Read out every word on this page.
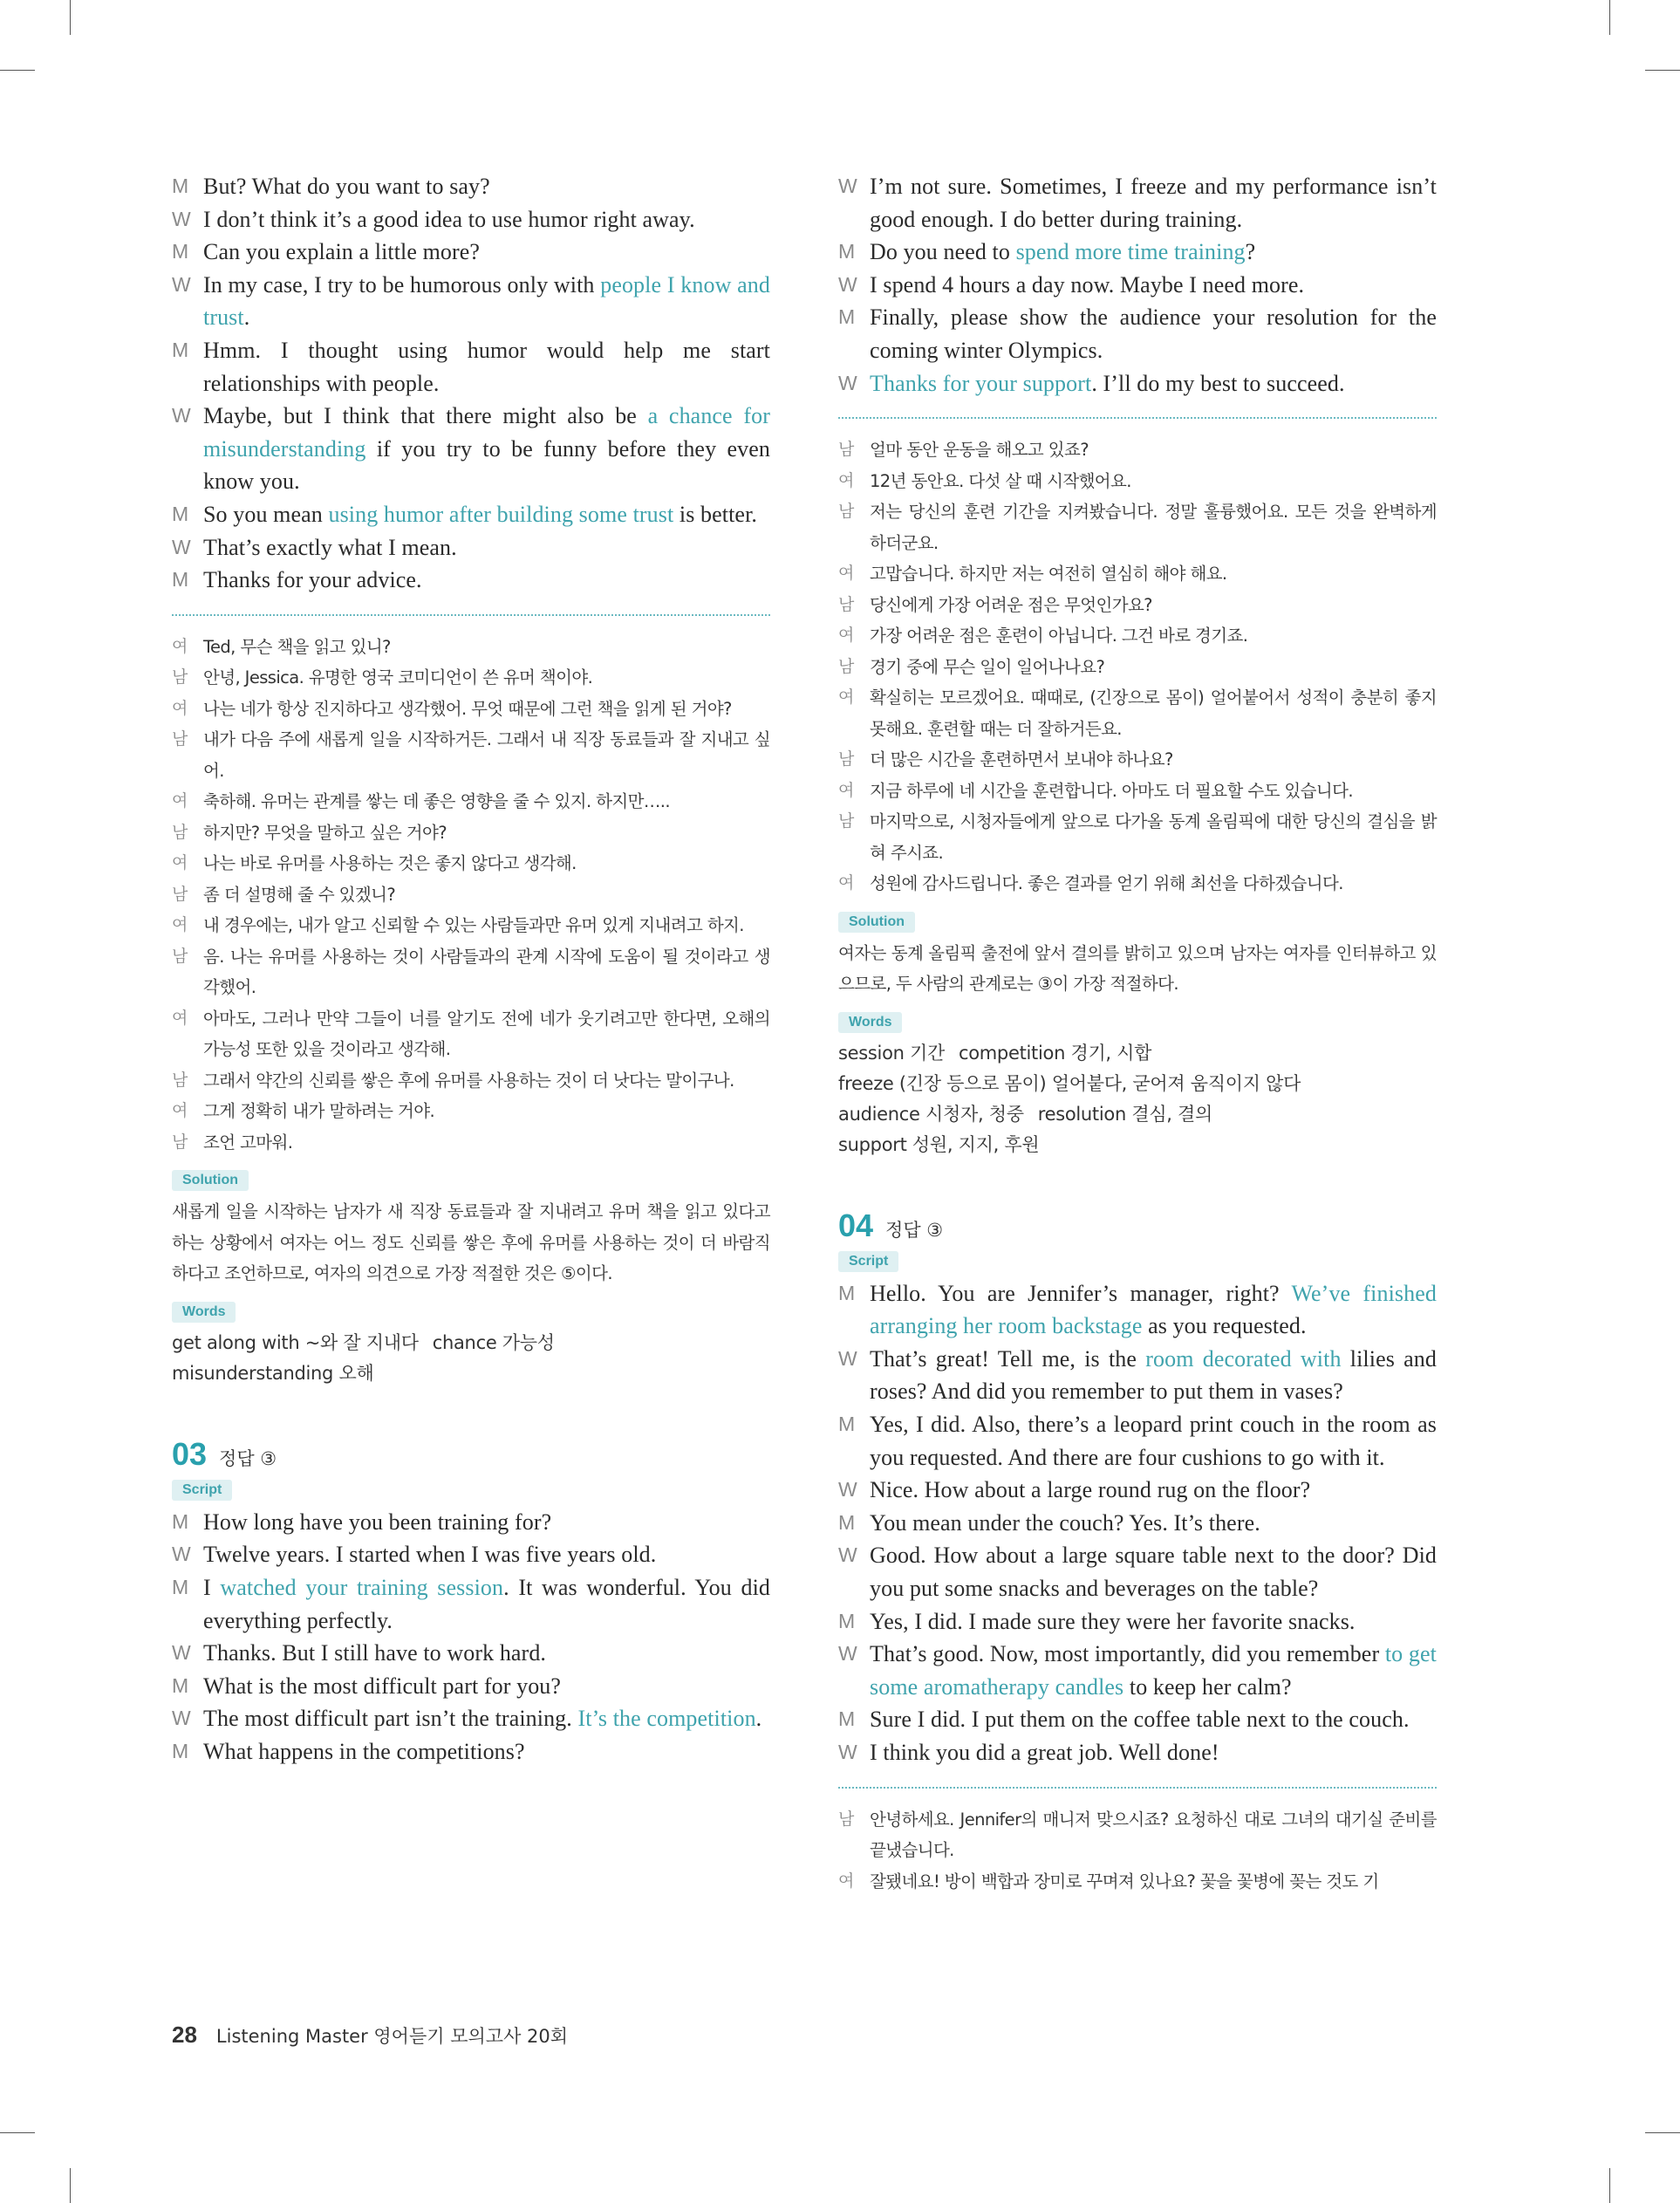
M But? What do you want to say?
W I don’t think it’s a good idea to use humor right away.
M Can you explain a little more?
W In my case, I try to be humorous only with people I know and trust.
M Hmm. I thought using humor would help me start relationships with people.
W Maybe, but I think that there might also be a chance for misunderstanding if you try to be funny before they even know you.
M So you mean using humor after building some trust is better.
W That’s exactly what I mean.
M Thanks for your advice.
여 Ted, 무슨 책을 읽고 있니?
남 안녕, Jessica. 유명한 영국 코미디언이 쓴 유머 책이야.
여 나는 네가 항상 진지하다고 생각했어. 무엇 때문에 그런 책을 읽게 된 거야?
남 내가 다음 주에 새롭게 일을 시작하거든. 그래서 내 직장 동료들과 잘 지내고 싶어.
여 축하해. 유머는 관계를 쌓는 데 좋은 영향을 줄 수 있지. 하지만…..
남 하지만? 무엇을 말하고 싶은 거야?
여 나는 바로 유머를 사용하는 것은 좋지 않다고 생각해.
남 좀 더 설명해 줄 수 있겠니?
여 내 경우에는, 내가 알고 신뢰할 수 있는 사람들과만 유머 있게 지내려고 하지.
남 음. 나는 유머를 사용하는 것이 사람들과의 관계 시작에 도움이 될 것이라고 생각했어.
여 아마도, 그러나 만약 그들이 너를 알기도 전에 네가 웃기려고만 한다면, 오해의 가능성 또한 있을 것이라고 생각해.
남 그래서 약간의 신뢰를 쌓은 후에 유머를 사용하는 것이 더 낫다는 말이구나.
여 그게 정확히 내가 말하려는 거야.
남 조언 고마워.
Solution
새롭게 일을 시작하는 남자가 새 직장 동료들과 잘 지내려고 유머 책을 읽고 있다고 하는 상황에서 여자는 어느 정도 신뢰를 쌓은 후에 유머를 사용하는 것이 더 바람직하다고 조언하므로, 여자의 의견으로 가장 적절한 것은 ⑤이다.
Words
get along with ~와 잘 지내다 chance 가능성
misunderstanding 오해
03 정답 ③
Script
M How long have you been training for?
W Twelve years. I started when I was five years old.
M I watched your training session. It was wonderful. You did everything perfectly.
W Thanks. But I still have to work hard.
M What is the most difficult part for you?
W The most difficult part isn’t the training. It’s the competition.
M What happens in the competitions?
W I’m not sure. Sometimes, I freeze and my performance isn’t good enough. I do better during training.
M Do you need to spend more time training?
W I spend 4 hours a day now. Maybe I need more.
M Finally, please show the audience your resolution for the coming winter Olympics.
W Thanks for your support. I’ll do my best to succeed.
남 얼마 동안 운동을 해오고 있죠?
여 12년 동안요. 다섯 살 때 시작했어요.
남 저는 당신의 훈련 기간을 지켜봤습니다. 정말 훌륭했어요. 모든 것을 완벽하게 하더군요.
여 고맙습니다. 하지만 저는 여전히 열심히 해야 해요.
남 당신에게 가장 어려운 점은 무엇인가요?
여 가장 어려운 점은 훈련이 아닙니다. 그건 바로 경기죠.
남 경기 중에 무슨 일이 일어나나요?
여 확실히는 모르겠어요. 때때로, (긴장으로 몸이) 얼어붙어서 성적이 충분히 좋지 못해요. 훈련할 때는 더 잘하거든요.
남 더 많은 시간을 훈련하면서 보내야 하나요?
여 지금 하루에 네 시간을 훈련합니다. 아마도 더 필요할 수도 있습니다.
남 마지막으로, 시청자들에게 앞으로 다가올 동계 올림픽에 대한 당신의 결심을 밝혀 주시죠.
여 성원에 감사드립니다. 좋은 결과를 얻기 위해 최선을 다하겠습니다.
Solution
여자는 동계 올림픽 출전에 앞서 결의를 밝히고 있으며 남자는 여자를 인터뷰하고 있으므로, 두 사람의 관계로는 ③이 가장 적절하다.
Words
session 기간 competition 경기, 시합
freeze (긴장 등으로 몸이) 얼어붙다, 굳어져 움직이지 않다
audience 시청자, 청중 resolution 결심, 결의
support 성원, 지지, 후원
04 정답 ③
Script
M Hello. You are Jennifer’s manager, right? We’ve finished arranging her room backstage as you requested.
W That’s great! Tell me, is the room decorated with lilies and roses? And did you remember to put them in vases?
M Yes, I did. Also, there’s a leopard print couch in the room as you requested. And there are four cushions to go with it.
W Nice. How about a large round rug on the floor?
M You mean under the couch? Yes. It’s there.
W Good. How about a large square table next to the door? Did you put some snacks and beverages on the table?
M Yes, I did. I made sure they were her favorite snacks.
W That’s good. Now, most importantly, did you remember to get some aromatherapy candles to keep her calm?
M Sure I did. I put them on the coffee table next to the couch.
W I think you did a great job. Well done!
남 안녕하세요. Jennifer의 매니저 맞으시죠? 요청하신 대로 그녀의 대기실 준비를 끝냈습니다.
여 잘됐네요! 방이 백합과 장미로 꾸며져 있나요? 꽃을 꽃병에 꽂는 것도 기
28 Listening Master 영어듣기 모의고사 20회
